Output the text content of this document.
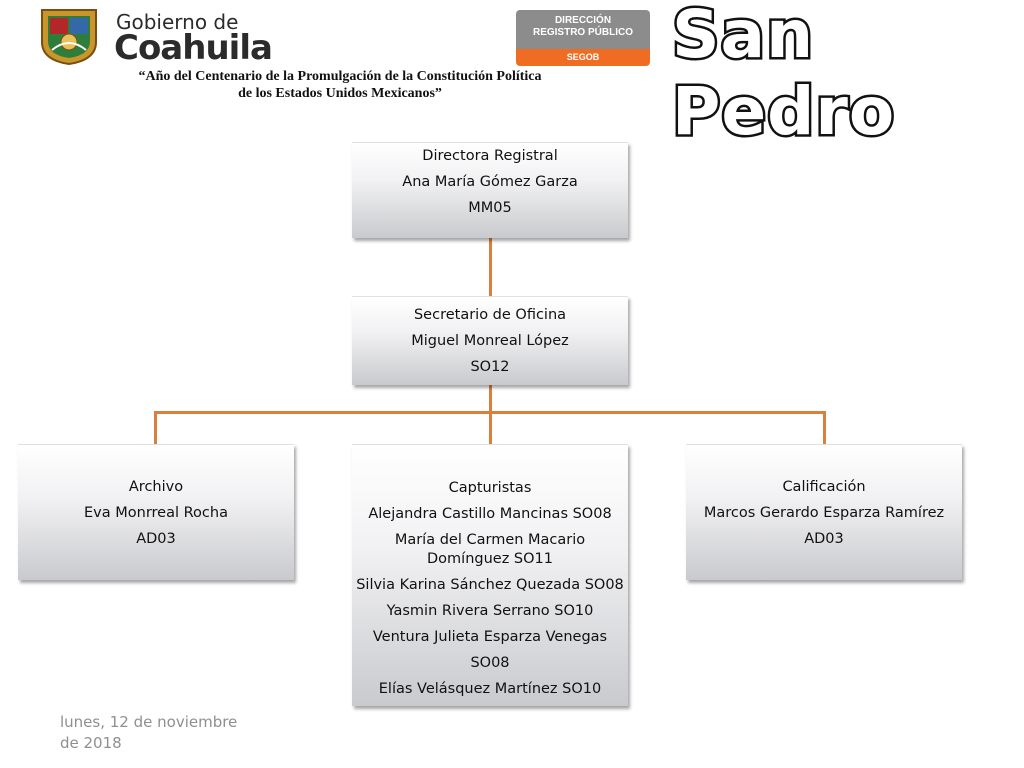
Gobierno de
Coahuila
“Año del Centenario de la Promulgación de la Constitución Política
de los Estados Unidos Mexicanos”
DIRECCIÓN
REGISTRO PÚBLICO
SEGOB	San Pedro
Directora Registral
Ana María Gómez Garza
MM05
Secretario de Oficina
Miguel Monreal López
SO12
Archivo
Eva Monrreal Rocha
AD03
Capturistas
Alejandra Castillo Mancinas SO08
María del Carmen Macario Domínguez SO11
Silvia Karina Sánchez Quezada SO08
Yasmin Rivera Serrano SO10
Ventura Julieta Esparza Venegas SO08
Elías Velásquez Martínez SO10
Calificación
Marcos Gerardo Esparza Ramírez
AD03
lunes, 12 de noviembre de 2018
